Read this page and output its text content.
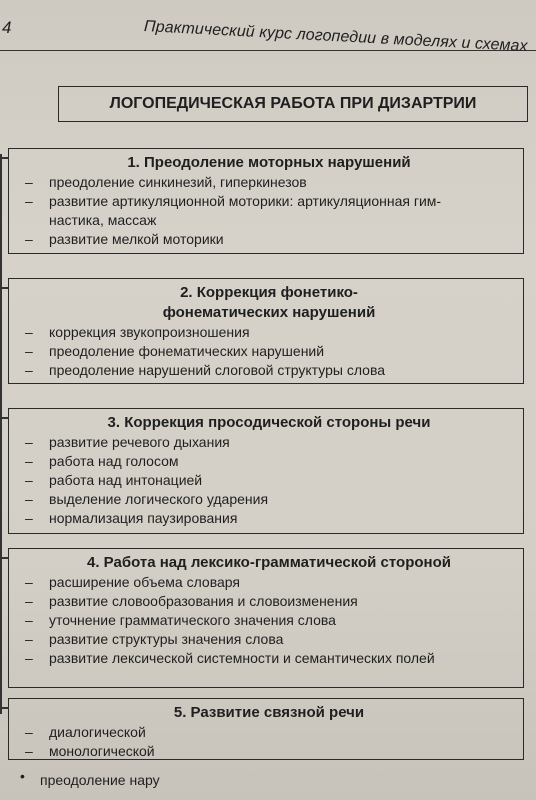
4	Практический курс логопедии в моделях и схемах
ЛОГОПЕДИЧЕСКАЯ РАБОТА ПРИ ДИЗАРТРИИ
1. Преодоление моторных нарушений
– преодоление синкинезий, гиперкинезов
– развитие артикуляционной моторики: артикуляционная гим-
настика, массаж
– развитие мелкой моторики
2. Коррекция фонетико-
фонематических нарушений
– коррекция звукопроизношения
– преодоление фонематических нарушений
– преодоление нарушений слоговой структуры слова
3. Коррекция просодической стороны речи
– развитие речевого дыхания
– работа над голосом
– работа над интонацией
– выделение логического ударения
– нормализация паузирования
4. Работа над лексико-грамматической стороной
– расширение объема словаря
– развитие словообразования и словоизменения
– уточнение грамматического значения слова
– развитие структуры значения слова
– развитие лексической системности и семантических полей
5. Развитие связной речи
– диалогической
– монологической
• преодоление нару
